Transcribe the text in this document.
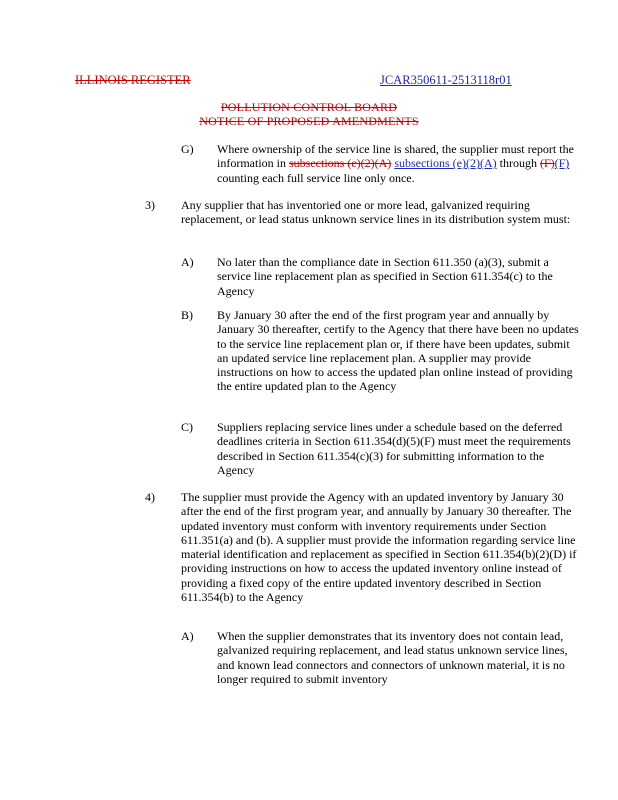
ILLINOIS REGISTER	JCAR350611-2513118r01
POLLUTION CONTROL BOARD
NOTICE OF PROPOSED AMENDMENTS
G) Where ownership of the service line is shared, the supplier must report the information in subsections (e)(2)(A) subsections (e)(2)(A) through (F)(F) counting each full service line only once.
3) Any supplier that has inventoried one or more lead, galvanized requiring replacement, or lead status unknown service lines in its distribution system must:
A) No later than the compliance date in Section 611.350 (a)(3), submit a service line replacement plan as specified in Section 611.354(c) to the Agency
B) By January 30 after the end of the first program year and annually by January 30 thereafter, certify to the Agency that there have been no updates to the service line replacement plan or, if there have been updates, submit an updated service line replacement plan. A supplier may provide instructions on how to access the updated plan online instead of providing the entire updated plan to the Agency
C) Suppliers replacing service lines under a schedule based on the deferred deadlines criteria in Section 611.354(d)(5)(F) must meet the requirements described in Section 611.354(c)(3) for submitting information to the Agency
4) The supplier must provide the Agency with an updated inventory by January 30 after the end of the first program year, and annually by January 30 thereafter. The updated inventory must conform with inventory requirements under Section 611.351(a) and (b). A supplier must provide the information regarding service line material identification and replacement as specified in Section 611.354(b)(2)(D) if providing instructions on how to access the updated inventory online instead of providing a fixed copy of the entire updated inventory described in Section 611.354(b) to the Agency
A) When the supplier demonstrates that its inventory does not contain lead, galvanized requiring replacement, and lead status unknown service lines, and known lead connectors and connectors of unknown material, it is no longer required to submit inventory
